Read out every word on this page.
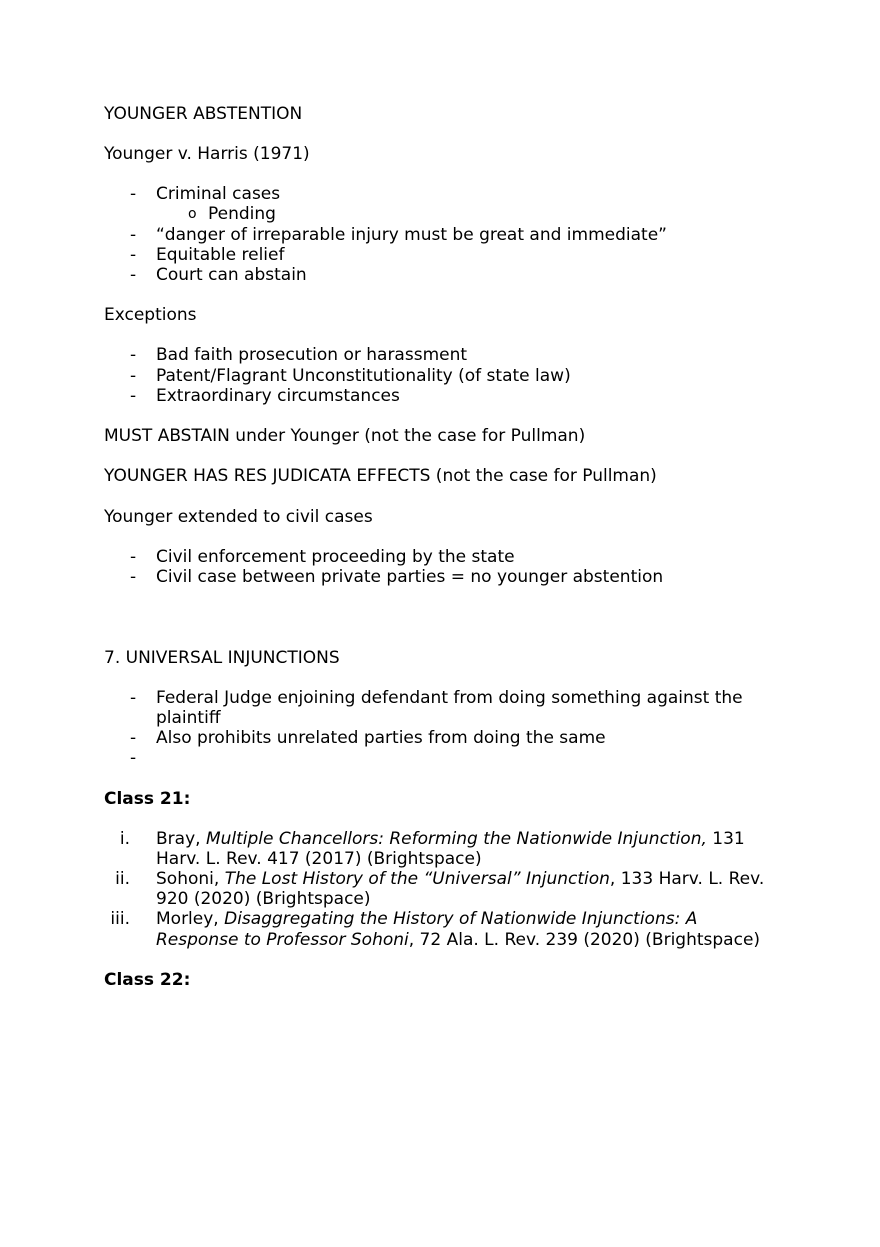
YOUNGER ABSTENTION
Younger v. Harris (1971)
- Criminal cases
o Pending
- “danger of irreparable injury must be great and immediate”
- Equitable relief
- Court can abstain
Exceptions
- Bad faith prosecution or harassment
- Patent/Flagrant Unconstitutionality (of state law)
- Extraordinary circumstances
MUST ABSTAIN under Younger (not the case for Pullman)
YOUNGER HAS RES JUDICATA EFFECTS (not the case for Pullman)
Younger extended to civil cases
- Civil enforcement proceeding by the state
- Civil case between private parties = no younger abstention
7. UNIVERSAL INJUNCTIONS
- Federal Judge enjoining defendant from doing something against the
plaintiff
- Also prohibits unrelated parties from doing the same
-
Class 21:
i. Bray, Multiple Chancellors: Reforming the Nationwide Injunction, 131
Harv. L. Rev. 417 (2017) (Brightspace)
ii. Sohoni, The Lost History of the “Universal” Injunction, 133 Harv. L. Rev.
920 (2020) (Brightspace)
iii. Morley, Disaggregating the History of Nationwide Injunctions: A
Response to Professor Sohoni, 72 Ala. L. Rev. 239 (2020) (Brightspace)
Class 22:
